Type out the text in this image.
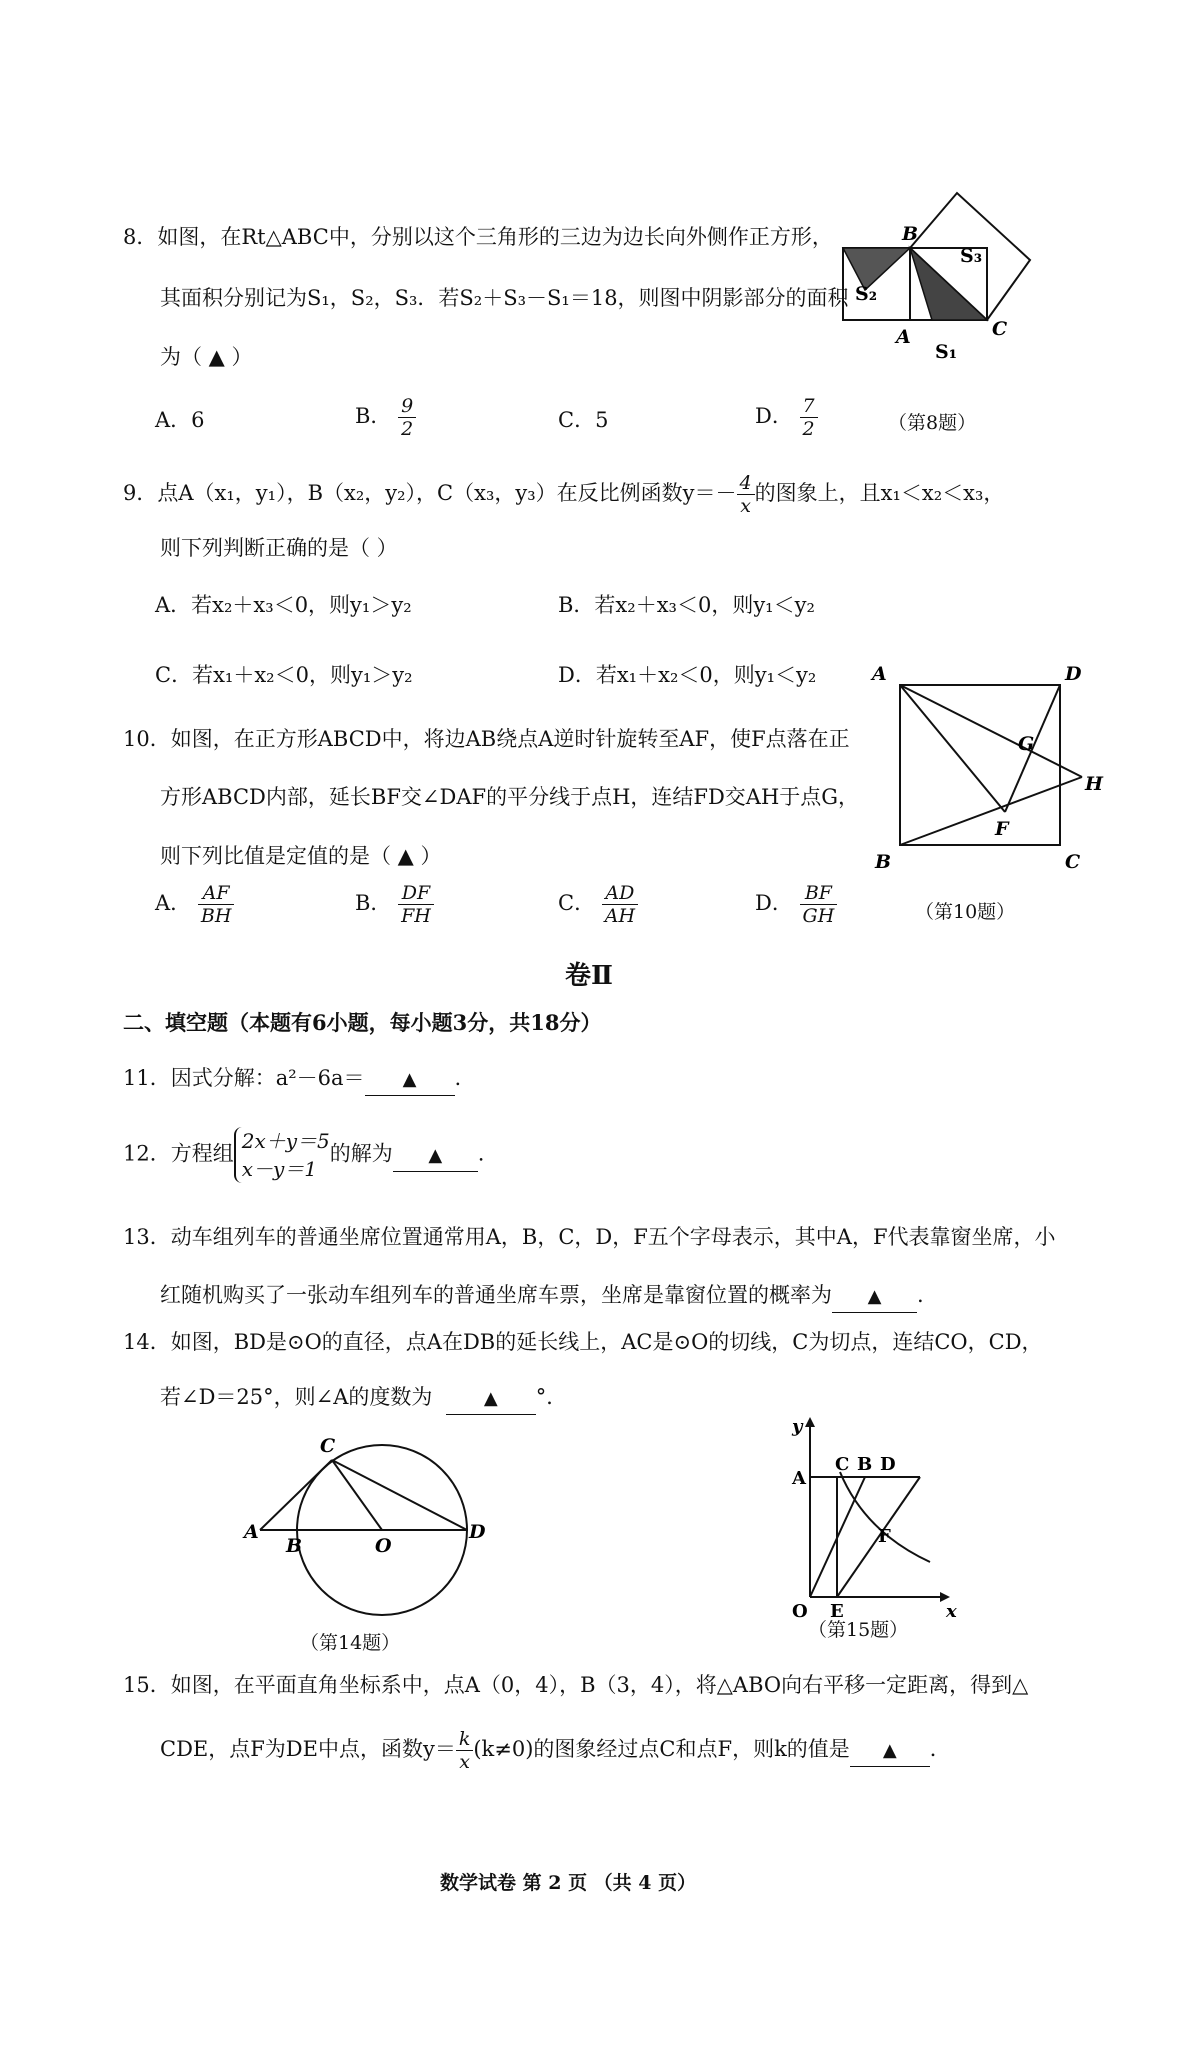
8．如图，在Rt△ABC中，分别以这个三角形的三边为边长向外侧作正方形，
其面积分别记为S₁，S₂，S₃．若S₂＋S₃－S₁＝18，则图中阴影部分的面积
为（ ▲ ）
A．6	B． $\frac{9}{2}$	C．5	D． $\frac{7}{2}$
B
A	C
S₁
S₂
S₃
（第8题）
9．点A（x₁，y₁），B（x₂，y₂），C（x₃，y₃）在反比例函数$y=- \frac{4}{x}$ 的图象上，且x₁＜x₂＜x₃，
则下列判断正确的是（ ）
A．若x₂＋x₃＜0，则y₁＞y₂	B．若x₂＋x₃＜0，则y₁＜y₂
C．若x₁＋x₂＜0，则y₁＞y₂	D．若x₁＋x₂＜0，则y₁＜y₂
10．如图，在正方形ABCD中，将边AB绕点A逆时针旋转至AF，使F点落在正
方形ABCD内部，延长BF交∠DAF的平分线于点H，连结FD交AH于点G，
则下列比值是定值的是（ ▲ ）
A． $\frac{AF}{BH}$	B． $\frac{DF}{FH}$	C． $\frac{AD}{AH}$	D． $\frac{BF}{GH}$
A	D
B	C
G
F
H
（第10题）
卷Ⅱ
二、填空题（本题有6小题，每小题3分，共18分）
11．因式分解：a²－6a＝ ▲ .
12．方程组
2x＋y＝5
x－y＝1
的解为 ▲ .
13．动车组列车的普通坐席位置通常用A，B，C，D，F五个字母表示，其中A，F代表靠窗坐席，小
红随机购买了一张动车组列车的普通坐席车票，坐席是靠窗位置的概率为 ▲ .
14．如图，BD是⊙O的直径，点A在DB的延长线上，AC是⊙O的切线，C为切点，连结CO，CD，
若∠D＝25°，则∠A的度数为	▲ °．
A
B	O
D
C
（第14题）
y
x
A
C B D
F
O E
（第15题）
15．如图，在平面直角坐标系中，点A（0，4），B（3，4），将△ABO向右平移一定距离，得到△
CDE，点F为DE中点，函数$y= \frac{k}{x} (k\ne 0)$的图象经过点C和点F，则k的值是 ▲ ．
数学试卷 第 2 页 （共 4 页）
